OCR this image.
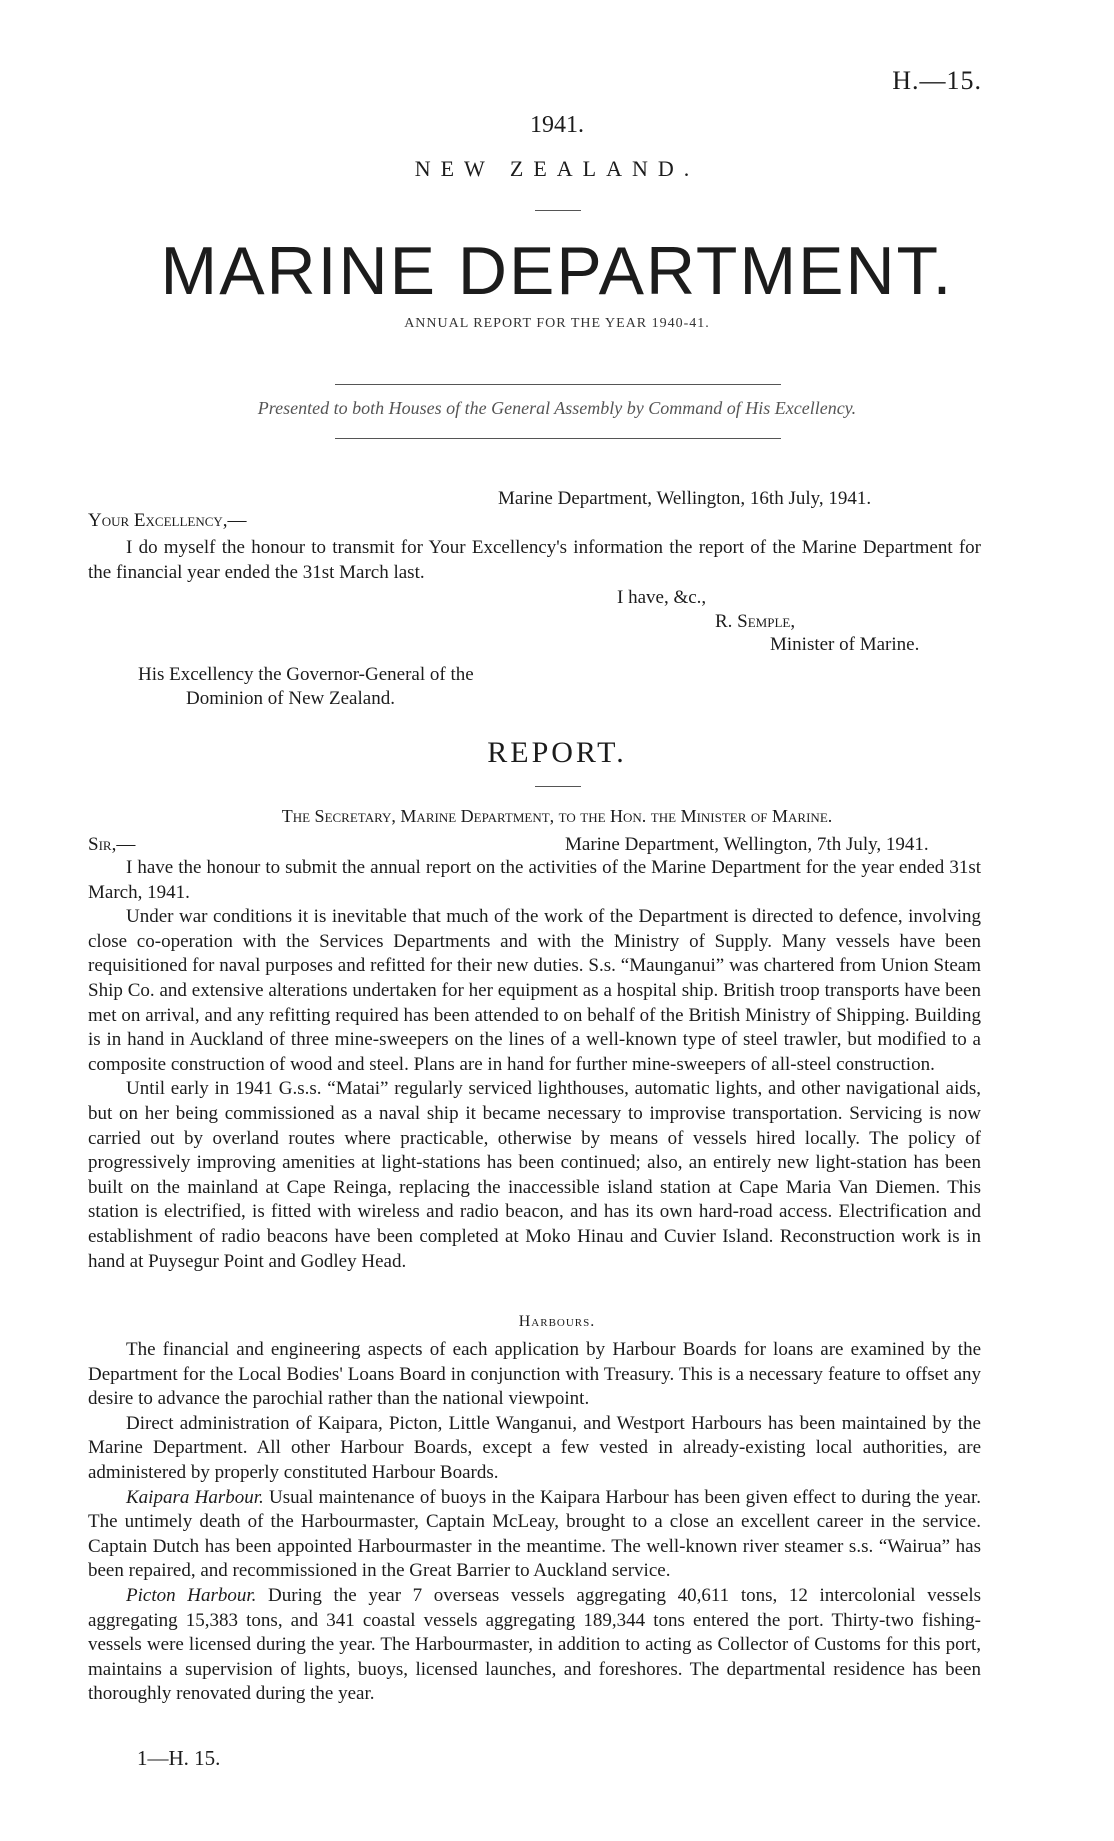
H.—15.
1941.
NEW ZEALAND.
MARINE DEPARTMENT.
ANNUAL REPORT FOR THE YEAR 1940-41.
Presented to both Houses of the General Assembly by Command of His Excellency.
Marine Department, Wellington, 16th July, 1941.
Your Excellency,—

I do myself the honour to transmit for Your Excellency's information the report of the Marine Department for the financial year ended the 31st March last.

I have, &c.,
R. Semple,
Minister of Marine.
His Excellency the Governor-General of the
Dominion of New Zealand.
REPORT.
The Secretary, Marine Department, to the Hon. the Minister of Marine.
Sir,—	Marine Department, Wellington, 7th July, 1941.

I have the honour to submit the annual report on the activities of the Marine Department for the year ended 31st March, 1941.

Under war conditions it is inevitable that much of the work of the Department is directed to defence, involving close co-operation with the Services Departments and with the Ministry of Supply. Many vessels have been requisitioned for naval purposes and refitted for their new duties. S.s. “Maunganui” was chartered from Union Steam Ship Co. and extensive alterations undertaken for her equipment as a hospital ship. British troop transports have been met on arrival, and any refitting required has been attended to on behalf of the British Ministry of Shipping. Building is in hand in Auckland of three mine-sweepers on the lines of a well-known type of steel trawler, but modified to a composite construction of wood and steel. Plans are in hand for further mine-sweepers of all-steel construction.

Until early in 1941 G.s.s. “Matai” regularly serviced lighthouses, automatic lights, and other navigational aids, but on her being commissioned as a naval ship it became necessary to improvise transportation. Servicing is now carried out by overland routes where practicable, otherwise by means of vessels hired locally. The policy of progressively improving amenities at light-stations has been continued; also, an entirely new light-station has been built on the mainland at Cape Reinga, replacing the inaccessible island station at Cape Maria Van Diemen. This station is electrified, is fitted with wireless and radio beacon, and has its own hard-road access. Electrification and establishment of radio beacons have been completed at Moko Hinau and Cuvier Island. Reconstruction work is in hand at Puysegur Point and Godley Head.

Harbours.

The financial and engineering aspects of each application by Harbour Boards for loans are examined by the Department for the Local Bodies' Loans Board in conjunction with Treasury. This is a necessary feature to offset any desire to advance the parochial rather than the national viewpoint.

Direct administration of Kaipara, Picton, Little Wanganui, and Westport Harbours has been maintained by the Marine Department. All other Harbour Boards, except a few vested in already-existing local authorities, are administered by properly constituted Harbour Boards.

Kaipara Harbour. Usual maintenance of buoys in the Kaipara Harbour has been given effect to during the year. The untimely death of the Harbourmaster, Captain McLeay, brought to a close an excellent career in the service. Captain Dutch has been appointed Harbourmaster in the meantime. The well-known river steamer s.s. “Wairua” has been repaired, and recommissioned in the Great Barrier to Auckland service.

Picton Harbour. During the year 7 overseas vessels aggregating 40,611 tons, 12 intercolonial vessels aggregating 15,383 tons, and 341 coastal vessels aggregating 189,344 tons entered the port. Thirty-two fishing-vessels were licensed during the year. The Harbourmaster, in addition to acting as Collector of Customs for this port, maintains a supervision of lights, buoys, licensed launches, and foreshores. The departmental residence has been thoroughly renovated during the year.

1—H. 15.
